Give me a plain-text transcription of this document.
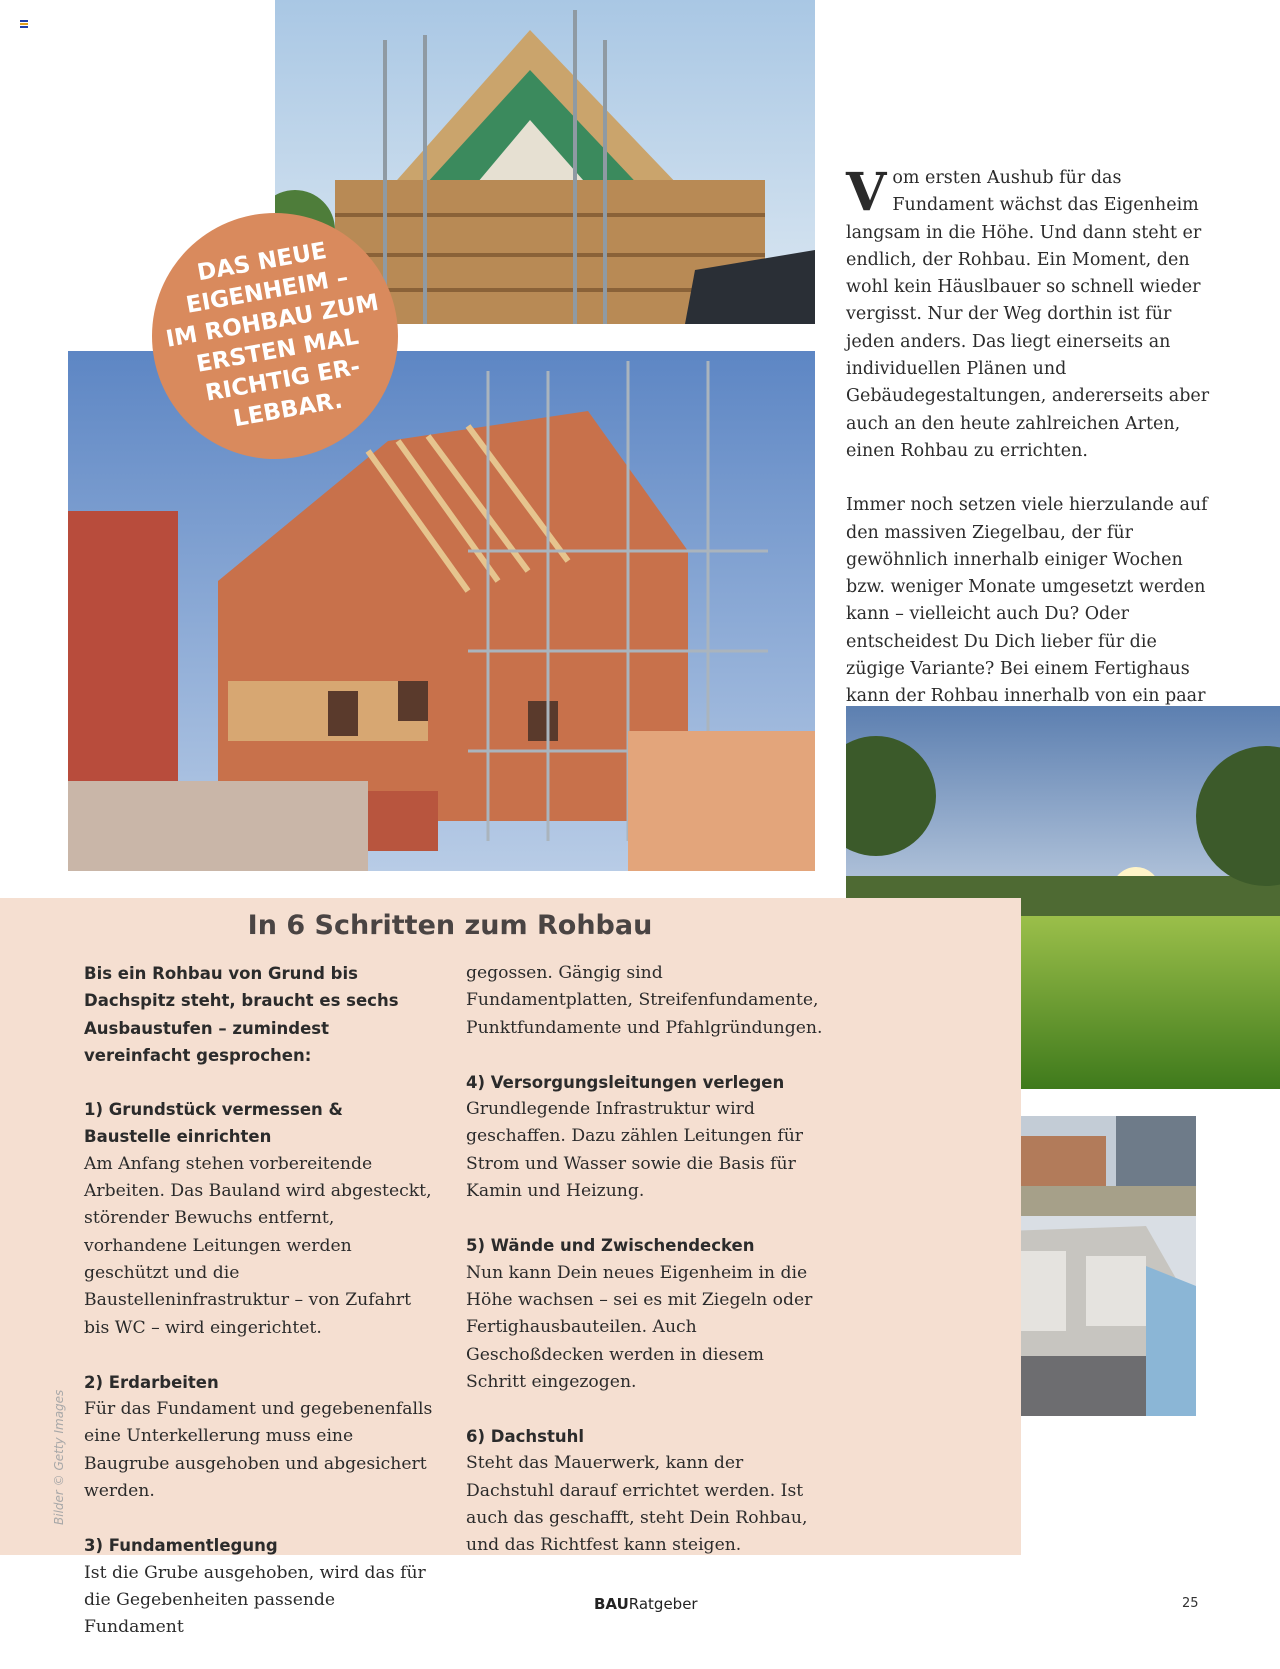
DAS NEUE
EIGENHEIM –
IM ROHBAU ZUM
ERSTEN MAL
RICHTIG ER-
LEBBAR.

Vom ersten Aushub für das Fundament wächst das Eigenheim langsam in die Höhe. Und dann steht er endlich, der Rohbau. Ein Moment, den wohl kein Häuslbauer so schnell wieder vergisst. Nur der Weg dorthin ist für jeden anders. Das liegt einerseits an individuellen Plänen und Gebäudegestaltungen, andererseits aber auch an den heute zahlreichen Arten, einen Rohbau zu errichten.

Immer noch setzen viele hierzulande auf den massiven Ziegelbau, der für gewöhnlich innerhalb einiger Wochen bzw. weniger Monate umgesetzt werden kann – vielleicht auch Du? Oder entscheidest Du Dich lieber für die zügige Variante? Bei einem Fertighaus kann der Rohbau innerhalb von ein paar

In 6 Schritten zum Rohbau

Bis ein Rohbau von Grund bis Dachspitz steht, braucht es sechs Ausbaustufen – zumindest vereinfacht gesprochen:

1) Grundstück vermessen & Baustelle einrichten

Am Anfang stehen vorbereitende Arbeiten. Das Bauland wird abgesteckt, störender Bewuchs entfernt, vorhandene Leitungen werden geschützt und die Baustelleninfrastruktur – von Zufahrt bis WC – wird eingerichtet.

2) Erdarbeiten

Für das Fundament und gegebenenfalls eine Unterkellerung muss eine Baugrube ausgehoben und abgesichert werden.

3) Fundamentlegung

Ist die Grube ausgehoben, wird das für die Gegebenheiten passende Fundament

gegossen. Gängig sind Fundamentplatten, Streifenfundamente, Punktfundamente und Pfahlgründungen.

4) Versorgungsleitungen verlegen

Grundlegende Infrastruktur wird geschaffen. Dazu zählen Leitungen für Strom und Wasser sowie die Basis für Kamin und Heizung.

5) Wände und Zwischendecken

Nun kann Dein neues Eigenheim in die Höhe wachsen – sei es mit Ziegeln oder Fertighausbauteilen. Auch Geschoßdecken werden in diesem Schritt eingezogen.

6) Dachstuhl

Steht das Mauerwerk, kann der Dachstuhl darauf errichtet werden. Ist auch das geschafft, steht Dein Rohbau, und das Richtfest kann steigen.

Bilder © Getty Images
BAURatgeber	25
